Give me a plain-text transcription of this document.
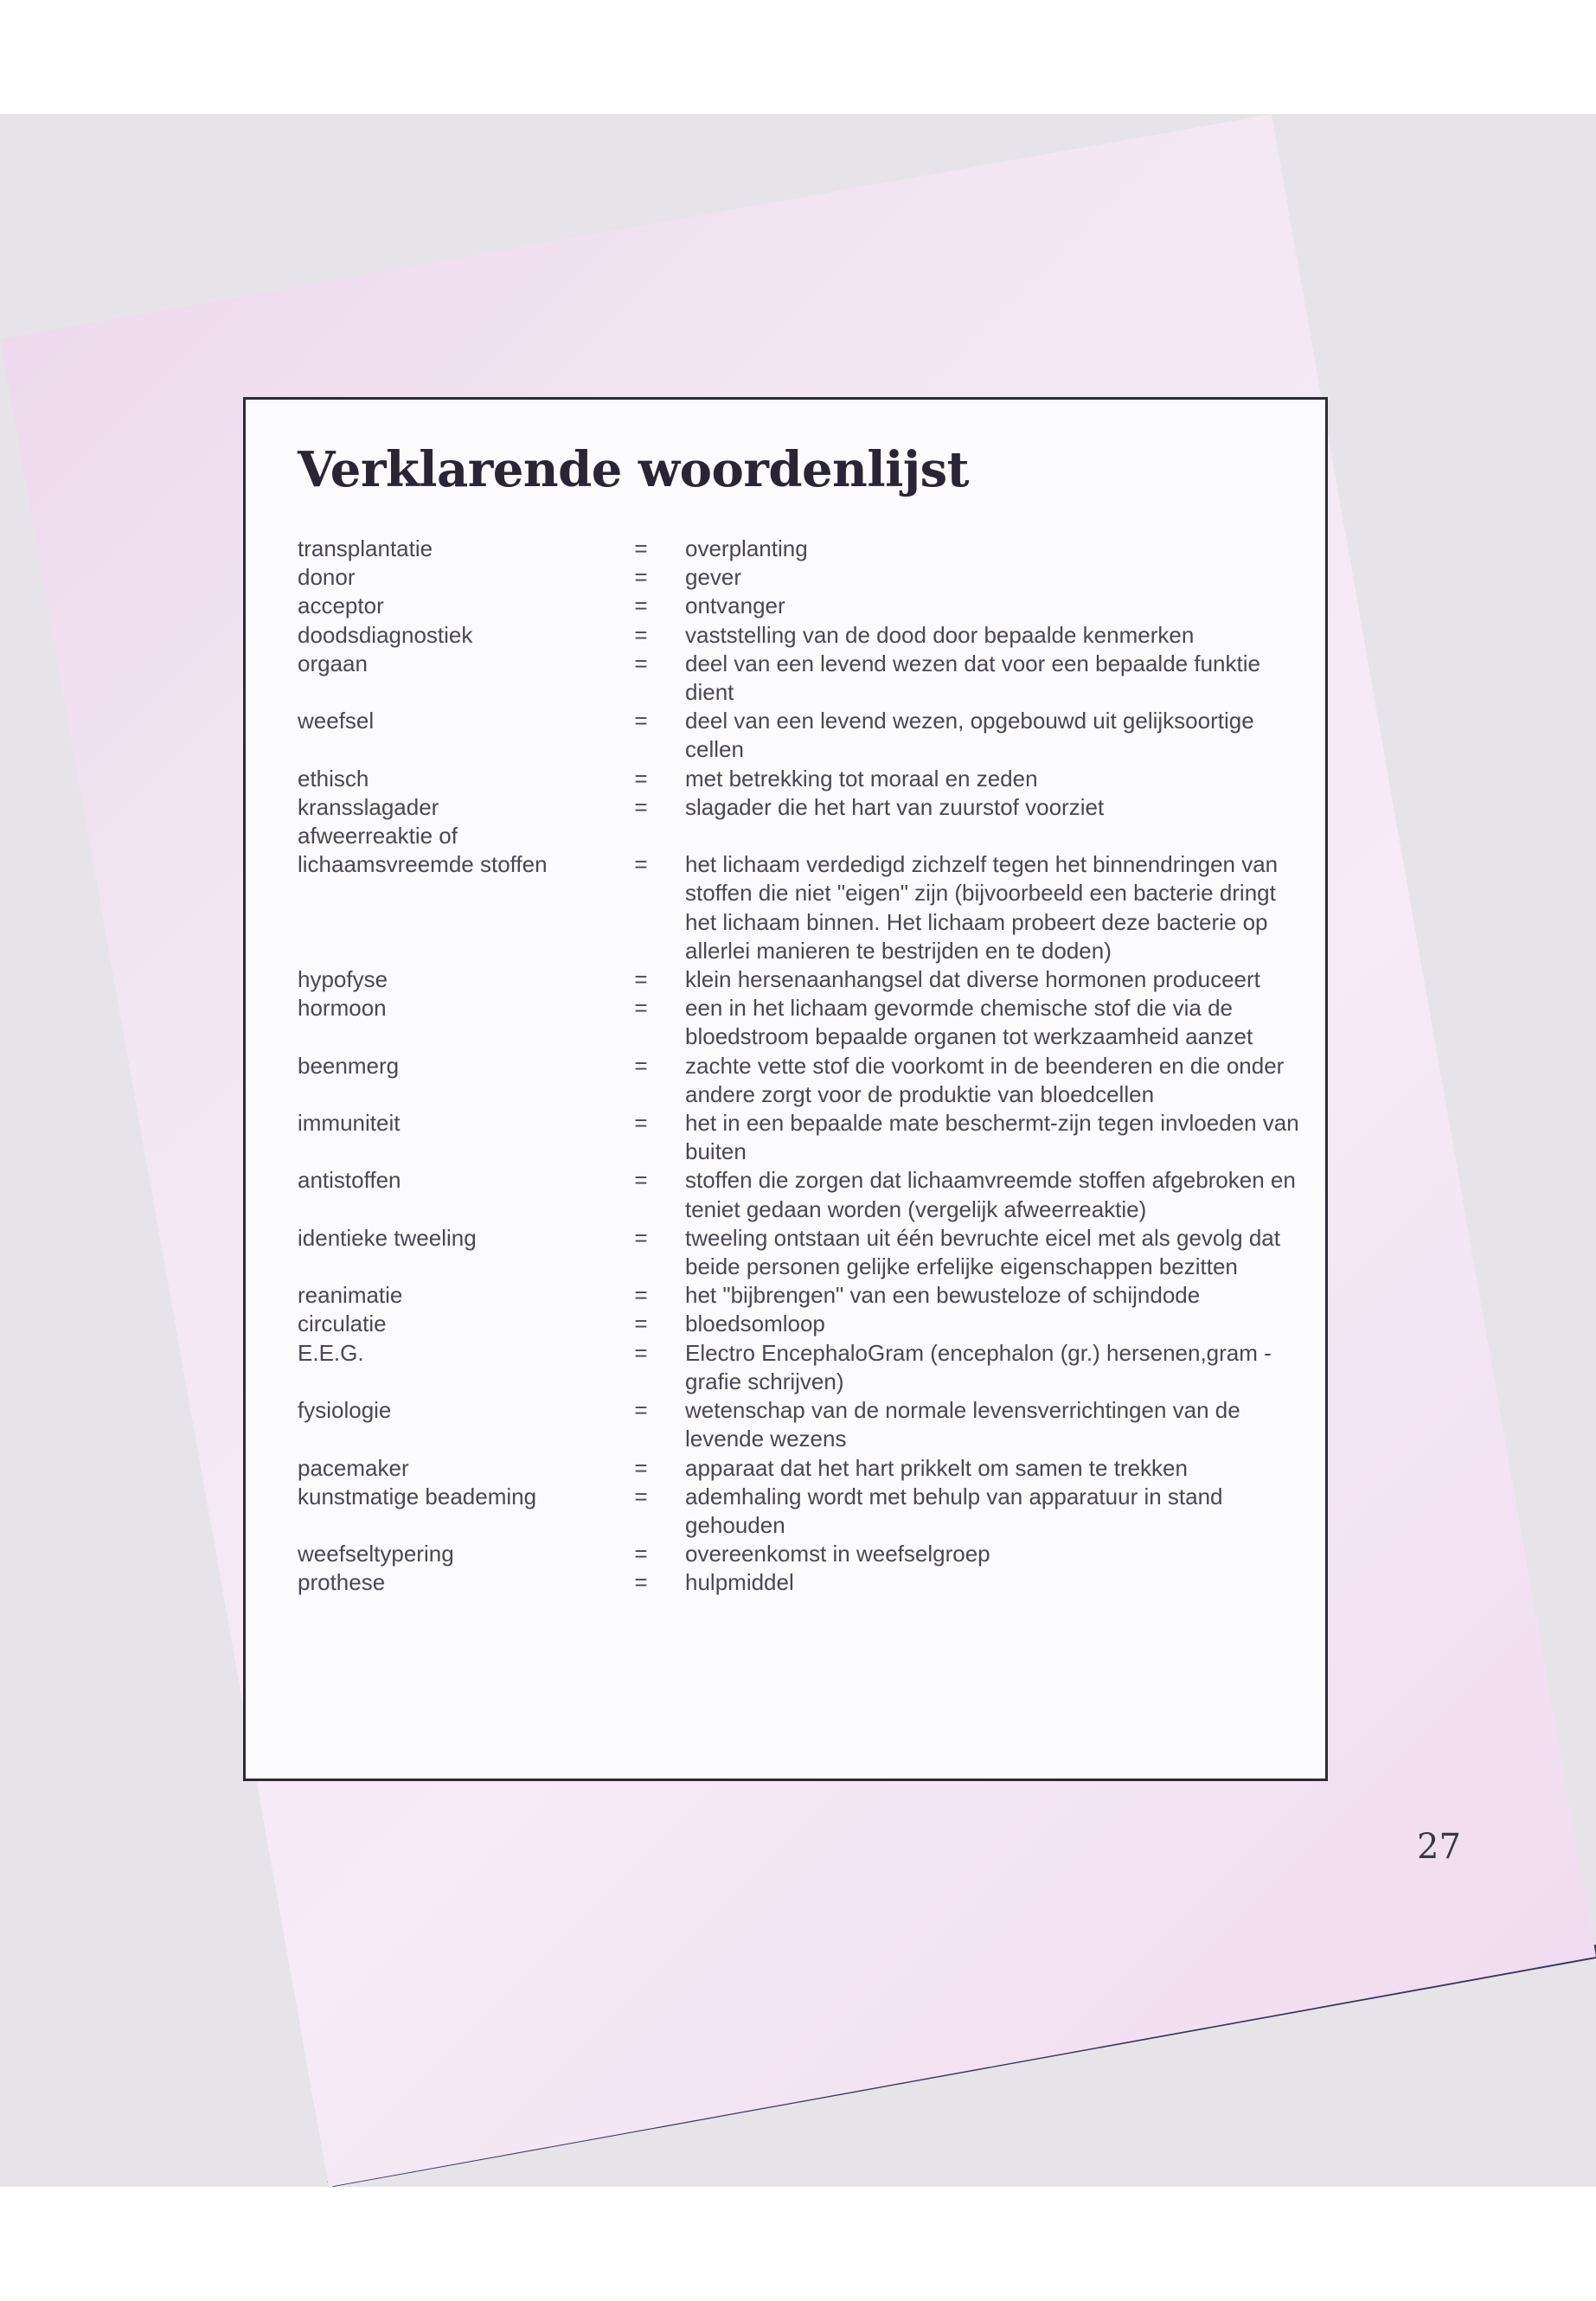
Verklarende woordenlijst
transplantatie	=	overplanting
donor	=	gever
acceptor	=	ontvanger
doodsdiagnostiek	=	vaststelling van de dood door bepaalde kenmerken
orgaan	=	deel van een levend wezen dat voor een bepaalde funktie dient
weefsel	=	deel van een levend wezen, opgebouwd uit gelijksoortige cellen
ethisch	=	met betrekking tot moraal en zeden
kransslagader	=	slagader die het hart van zuurstof voorziet
afweerreaktie of
lichaamsvreemde stoffen	=	het lichaam verdedigd zichzelf tegen het binnendringen van stoffen die niet "eigen" zijn (bijvoorbeeld een bacterie dringt het lichaam binnen. Het lichaam probeert deze bacterie op allerlei manieren te bestrijden en te doden)
hypofyse	=	klein hersenaanhangsel dat diverse hormonen produceert
hormoon	=	een in het lichaam gevormde chemische stof die via de bloedstroom bepaalde organen tot werkzaamheid aanzet
beenmerg	=	zachte vette stof die voorkomt in de beenderen en die onder andere zorgt voor de produktie van bloedcellen
immuniteit	=	het in een bepaalde mate beschermt-zijn tegen invloeden van buiten
antistoffen	=	stoffen die zorgen dat lichaamvreemde stoffen afgebroken en teniet gedaan worden (vergelijk afweerreaktie)
identieke tweeling	=	tweeling ontstaan uit één bevruchte eicel met als gevolg dat beide personen gelijke erfelijke eigenschappen bezitten
reanimatie	=	het "bijbrengen" van een bewusteloze of schijndode
circulatie	=	bloedsomloop
E.E.G.	=	Electro EncephaloGram (encephalon (gr.) hersenen,gram - grafie schrijven)
fysiologie	=	wetenschap van de normale levensverrichtingen van de levende wezens
pacemaker	=	apparaat dat het hart prikkelt om samen te trekken
kunstmatige beademing	=	ademhaling wordt met behulp van apparatuur in stand gehouden
weefseltypering	=	overeenkomst in weefselgroep
prothese	=	hulpmiddel
27
